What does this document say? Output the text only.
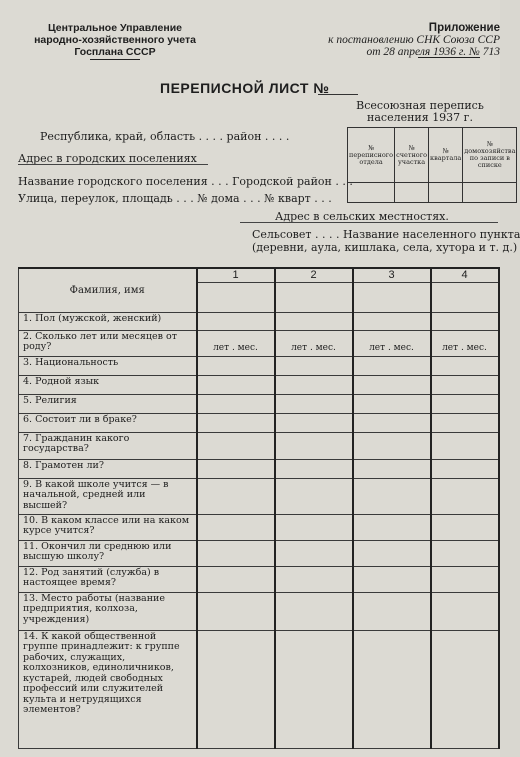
Центральное Управление
народно-хозяйственного учета
Госплана СССР
Приложение
к постановлению СНК Союза ССР
от 28 апреля 1936 г. № 713
ПЕРЕПИСНОЙ ЛИСТ №
Всесоюзная перепись
населения 1937 г.
№ переписного отдела	№ счетного участка	№ квартала	№ домохозяйства по записи в списке

Республика, край, область . . . . район . . . .
Адрес в городских поселениях
Название городского поселения . . . Городской район . . .
Улица, переулок, площадь . . . № дома . . . № кварт . . .
Адрес в сельских местностях.
Сельсовет . . . . Название населенного пункта
(деревни, аула, кишлака, села, хутора и т. д.)
Фамилия, имя	1	2	3	4

1. Пол (мужской, женский)				
2. Сколько лет или месяцев от роду?	лет . мес.	лет . мес.	лет . мес.	лет . мес.
3. Национальность	

4. Родной язык	

5. Религия	

6. Состоит ли в браке?	

7. Гражданин какого государства?	

8. Грамотен ли?	

9. В какой школе учится — в начальной, средней или высшей?	

10. В каком классе или на каком курсе учится?	

11. Окончил ли среднюю или высшую школу?	

12. Род занятий (служба) в настоящее время?	

13. Место работы (название предприятия, колхоза, учреждения)	

14. К какой общественной группе принадлежит: к группе рабочих, служащих, колхозников, единоличников, кустарей, людей свободных профессий или служителей культа и нетрудящихся элементов?	
